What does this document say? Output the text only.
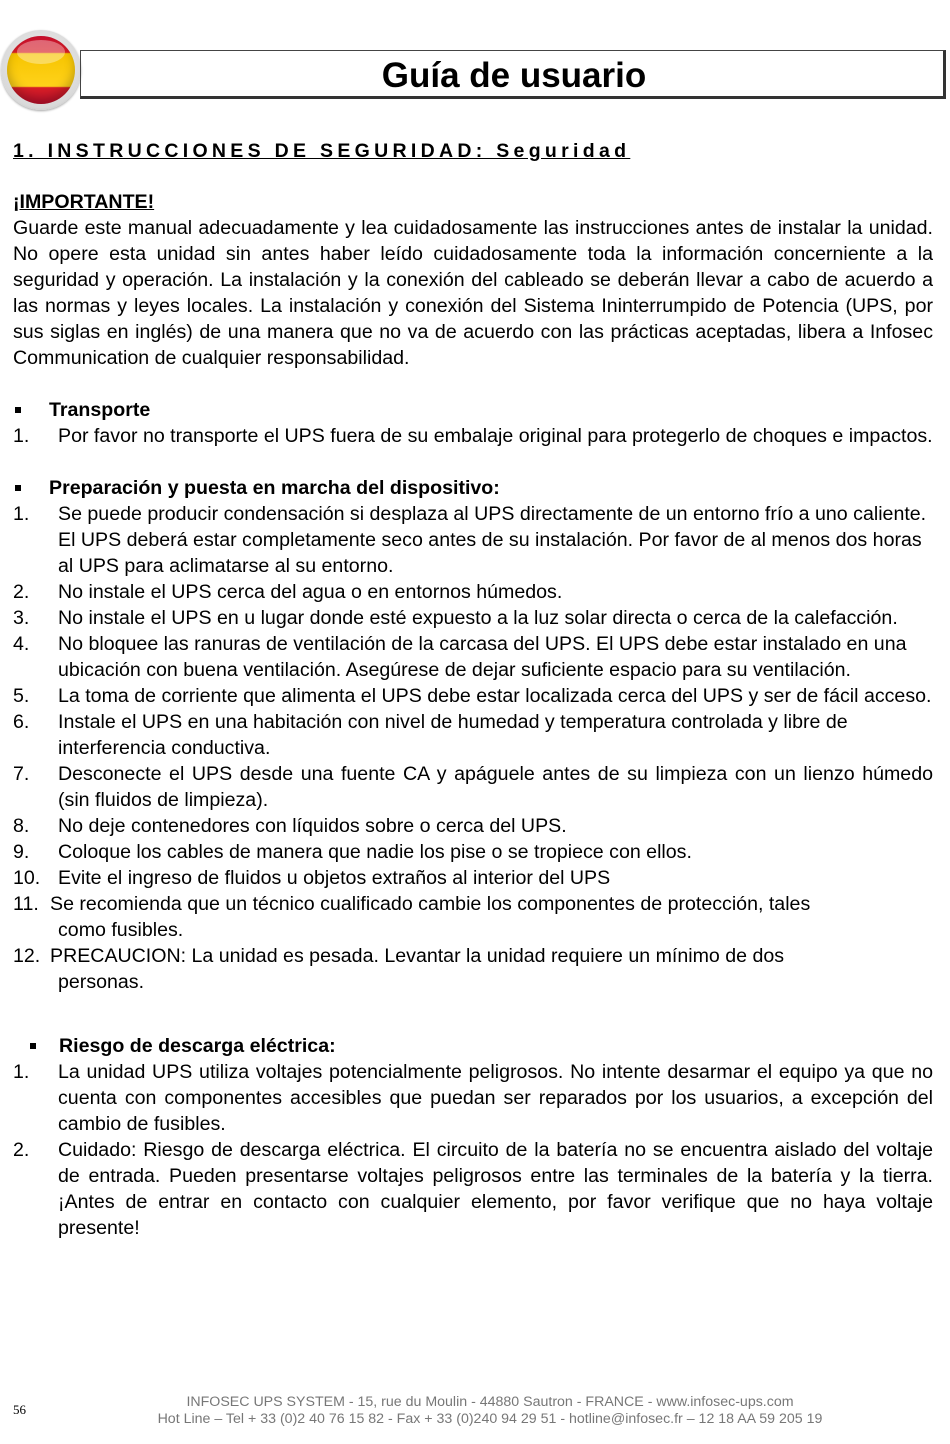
Guía de usuario

1. INSTRUCCIONES DE SEGURIDAD: Seguridad

¡IMPORTANTE!
Guarde este manual adecuadamente y lea cuidadosamente las instrucciones antes de instalar la unidad. No opere esta unidad sin antes haber leído cuidadosamente toda la información concerniente a la seguridad y operación. La instalación y la conexión del cableado se deberán llevar a cabo de acuerdo a las normas y leyes locales. La instalación y conexión del Sistema Ininterrumpido de Potencia (UPS, por sus siglas en inglés) de una manera que no va de acuerdo con las prácticas aceptadas, libera a Infosec Communication de cualquier responsabilidad.
Transporte
1. Por favor no transporte el UPS fuera de su embalaje original para protegerlo de choques e impactos.
Preparación y puesta en marcha del dispositivo:
1. Se puede producir condensación si desplaza al UPS directamente de un entorno frío a uno caliente. El UPS deberá estar completamente seco antes de su instalación. Por favor de al menos dos horas al UPS para aclimatarse al su entorno.
2. No instale el UPS cerca del agua o en entornos húmedos.
3. No instale el UPS en u lugar donde esté expuesto a la luz solar directa o cerca de la calefacción.
4. No bloquee las ranuras de ventilación de la carcasa del UPS. El UPS debe estar instalado en una ubicación con buena ventilación. Asegúrese de dejar suficiente espacio para su ventilación.
5. La toma de corriente que alimenta el UPS debe estar localizada cerca del UPS y ser de fácil acceso.
6. Instale el UPS en una habitación con nivel de humedad y temperatura controlada y libre de interferencia conductiva.
7. Desconecte el UPS desde una fuente CA y apáguele antes de su limpieza con un lienzo húmedo (sin fluidos de limpieza).
8. No deje contenedores con líquidos sobre o cerca del UPS.
9. Coloque los cables de manera que nadie los pise o se tropiece con ellos.
10. Evite el ingreso de fluidos u objetos extraños al interior del UPS
11. Se recomienda que un técnico cualificado cambie los componentes de protección, tales
como fusibles.
12. PRECAUCION: La unidad es pesada. Levantar la unidad requiere un mínimo de dos
personas.
Riesgo de descarga eléctrica:
1. La unidad UPS utiliza voltajes potencialmente peligrosos. No intente desarmar el equipo ya que no cuenta con componentes accesibles que puedan ser reparados por los usuarios, a excepción del cambio de fusibles.
2. Cuidado: Riesgo de descarga eléctrica. El circuito de la batería no se encuentra aislado del voltaje de entrada. Pueden presentarse voltajes peligrosos entre las terminales de la batería y la tierra. ¡Antes de entrar en contacto con cualquier elemento, por favor verifique que no haya voltaje presente!
56	INFOSEC UPS SYSTEM - 15, rue du Moulin - 44880 Sautron - FRANCE - www.infosec-ups.com
Hot Line – Tel + 33 (0)2 40 76 15 82 - Fax + 33 (0)240 94 29 51 - hotline@infosec.fr – 12 18 AA 59 205 19
